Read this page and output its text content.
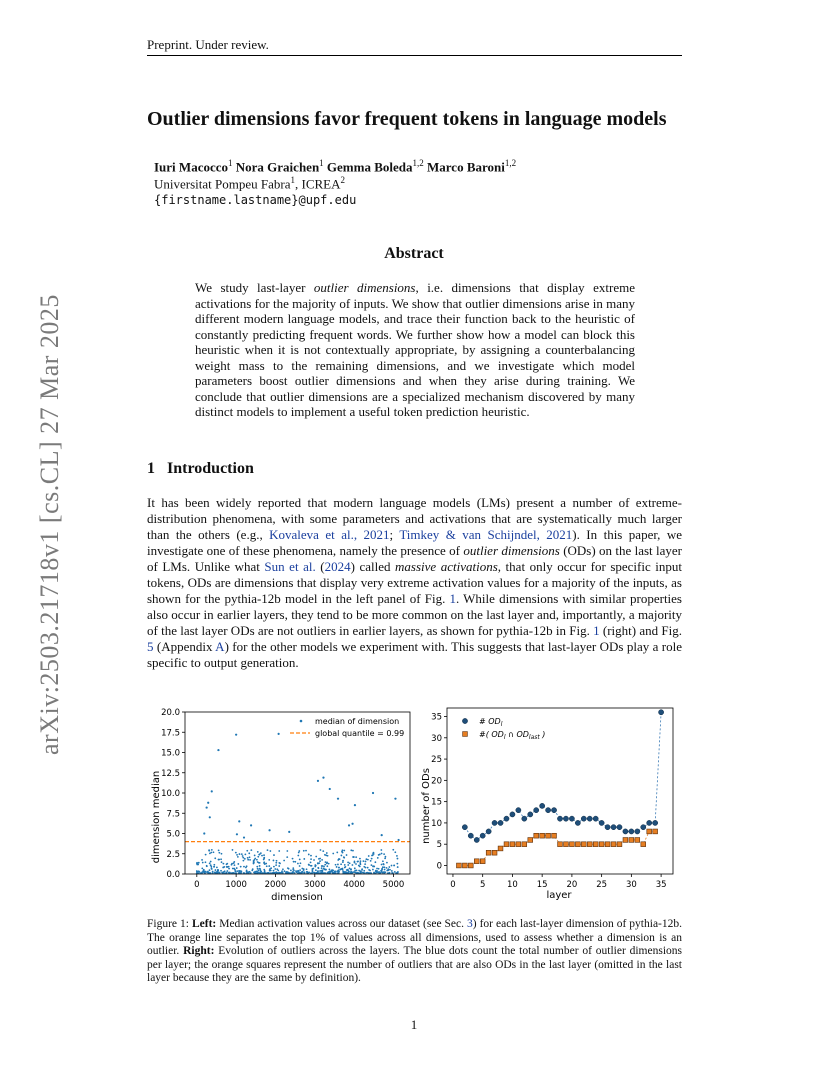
Preprint. Under review.
arXiv:2503.21718v1 [cs.CL] 27 Mar 2025
Outlier dimensions favor frequent tokens in language models
Iuri Macocco$^1$ Nora Graichen$^1$ Gemma Boleda$^{1,2}$ Marco Baroni$^{1,2}$
Universitat Pompeu Fabra$^1$, ICREA$^2$
{firstname.lastname}@upf.edu
Abstract
We study last-layer outlier dimensions, i.e. dimensions that display extreme activations for the majority of inputs. We show that outlier dimensions arise in many different modern language models, and trace their function back to the heuristic of constantly predicting frequent words. We further show how a model can block this heuristic when it is not contextually appropriate, by assigning a counterbalancing weight mass to the remaining dimensions, and we investigate which model parameters boost outlier dimensions and when they arise during training. We conclude that outlier dimensions are a specialized mechanism discovered by many distinct models to implement a useful token prediction heuristic.
1 Introduction
It has been widely reported that modern language models (LMs) present a number of extreme-distribution phenomena, with some parameters and activations that are systematically much larger than the others (e.g., Kovaleva et al., 2021; Timkey & van Schijndel, 2021). In this paper, we investigate one of these phenomena, namely the presence of outlier dimensions (ODs) on the last layer of LMs. Unlike what Sun et al. (2024) called massive activations, that only occur for specific input tokens, ODs are dimensions that display very extreme activation values for a majority of the inputs, as shown for the pythia-12b model in the left panel of Fig. 1. While dimensions with similar properties also occur in earlier layers, they tend to be more common on the last layer and, importantly, a majority of the last layer ODs are not outliers in earlier layers, as shown for pythia-12b in Fig. 1 (right) and Fig. 5 (Appendix A) for the other models we experiment with. This suggests that last-layer ODs play a role specific to output generation.
0	1000 2000 3000 4000 5000
0.0
2.5
5.0
7.5
10.0
12.5
15.0
17.5
20.0
median of dimension
global quantile = 0.99
dimension
dimension median
0	5	10 15 20 25 30 35
0
5
10
15
20
25
30
35	# $OD_l$
#( $OD_l$ ∩ $OD_{last}$ )
layer
number of ODs
Figure 1: Left: Median activation values across our dataset (see Sec. 3) for each last-layer dimension of pythia-12b. The orange line separates the top 1% of values across all dimensions, used to assess whether a dimension is an outlier. Right: Evolution of outliers across the layers. The blue dots count the total number of outlier dimensions per layer; the orange squares represent the number of outliers that are also ODs in the last layer (omitted in the last layer because they are the same by definition).
1
